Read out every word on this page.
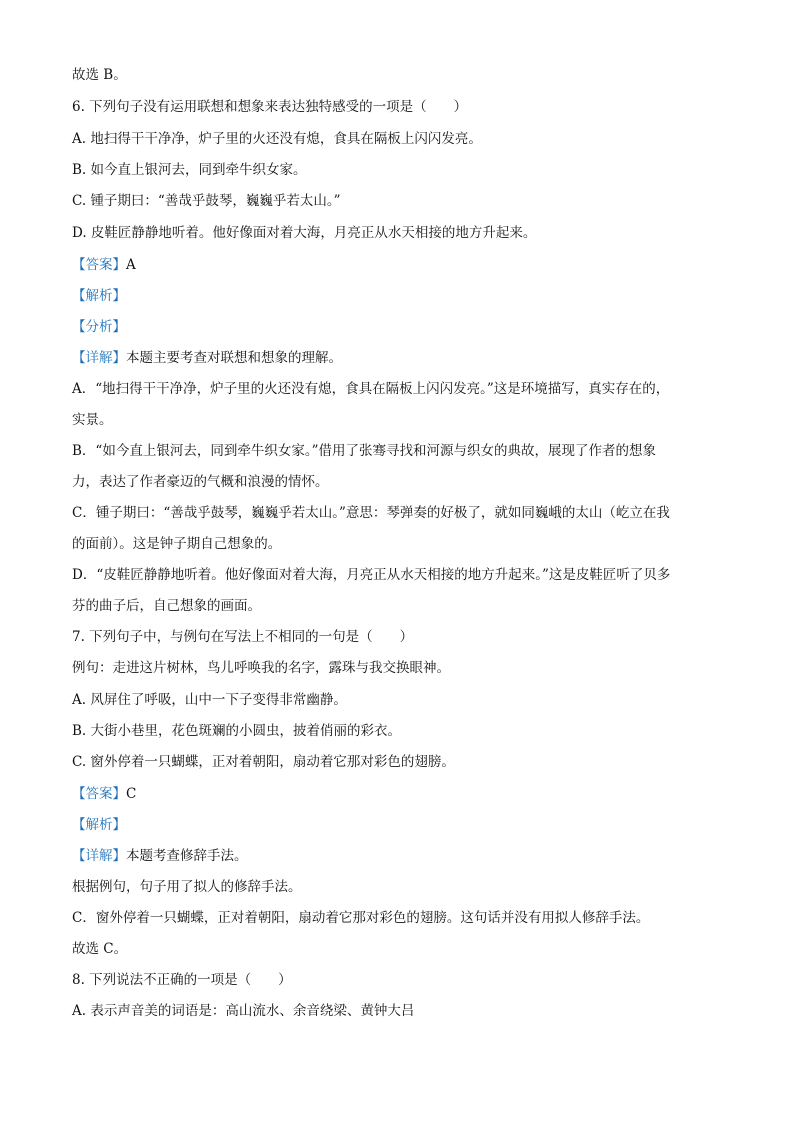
故选 B。
6. 下列句子没有运用联想和想象来表达独特感受的一项是（　　）
A. 地扫得干干净净，炉子里的火还没有熄，食具在隔板上闪闪发亮。
B. 如今直上银河去，同到牵牛织女家。
C. 锺子期曰：“善哉乎鼓琴，巍巍乎若太山。”
D. 皮鞋匠静静地听着。他好像面对着大海，月亮正从水天相接的地方升起来。
【答案】A
【解析】
【分析】
【详解】本题主要考查对联想和想象的理解。
A．“地扫得干干净净，炉子里的火还没有熄，食具在隔板上闪闪发亮。”这是环境描写，真实存在的，
实景。
B．“如今直上银河去，同到牵牛织女家。”借用了张骞寻找和河源与织女的典故，展现了作者的想象
力，表达了作者豪迈的气概和浪漫的情怀。
C．锺子期曰：“善哉乎鼓琴，巍巍乎若太山。”意思：琴弹奏的好极了，就如同巍峨的太山（屹立在我
的面前）。这是钟子期自己想象的。
D．“皮鞋匠静静地听着。他好像面对着大海，月亮正从水天相接的地方升起来。”这是皮鞋匠听了贝多
芬的曲子后，自己想象的画面。
7. 下列句子中，与例句在写法上不相同的一句是（　　）
例句：走进这片树林，鸟儿呼唤我的名字，露珠与我交换眼神。
A. 风屏住了呼吸，山中一下子变得非常幽静。
B. 大街小巷里，花色斑斓的小圆虫，披着俏丽的彩衣。
C. 窗外停着一只蝴蝶，正对着朝阳，扇动着它那对彩色的翅膀。
【答案】C
【解析】
【详解】本题考查修辞手法。
根据例句，句子用了拟人的修辞手法。
C．窗外停着一只蝴蝶，正对着朝阳，扇动着它那对彩色的翅膀。这句话并没有用拟人修辞手法。
故选 C。
8. 下列说法不正确的一项是（　　）
A. 表示声音美的词语是：高山流水、余音绕梁、黄钟大吕
